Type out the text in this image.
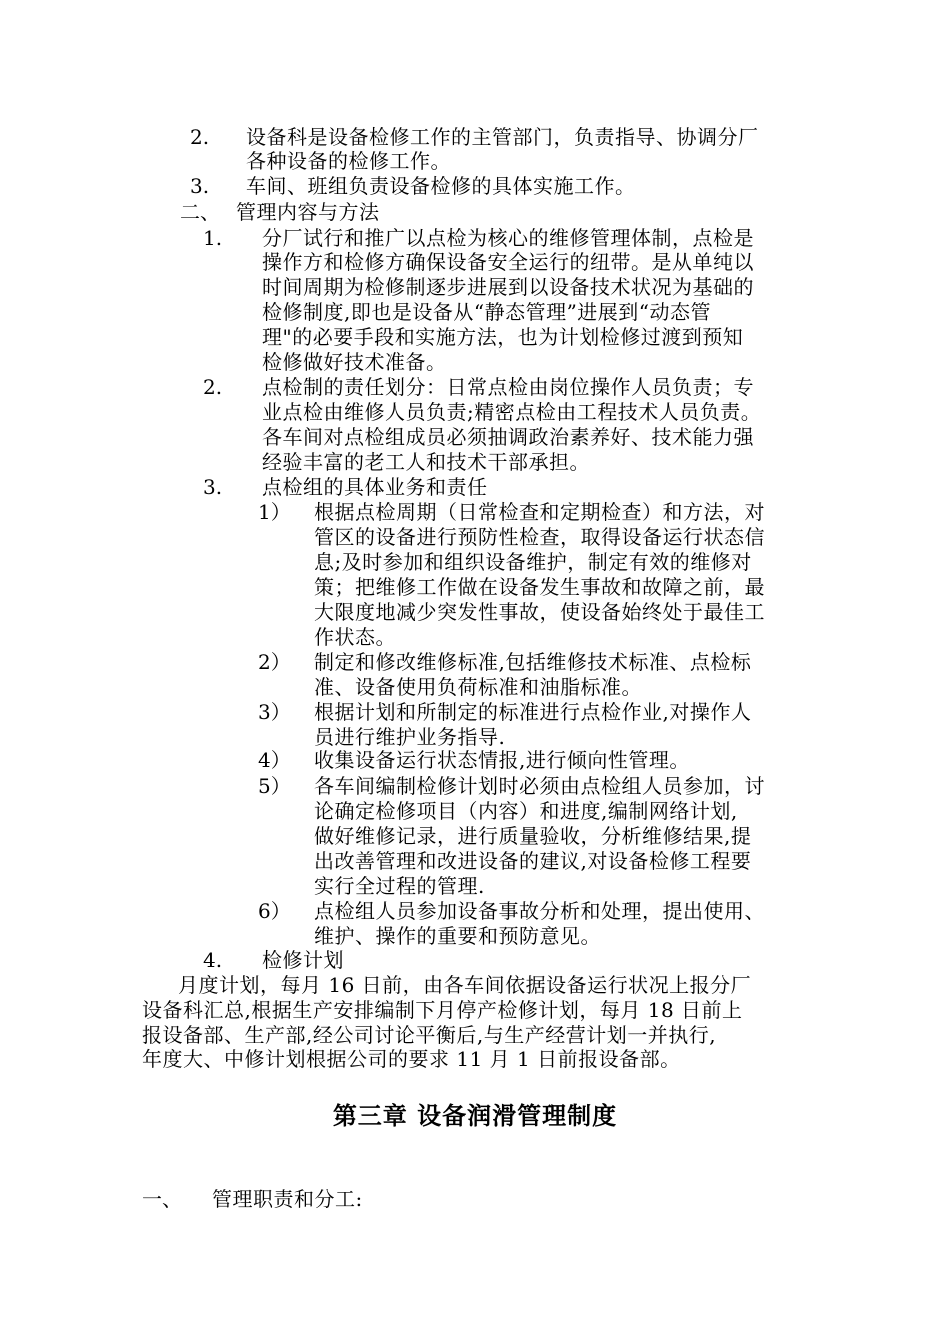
2. 设备科是设备检修工作的主管部门，负责指导、协调分厂
各种设备的检修工作。
3. 车间、班组负责设备检修的具体实施工作。
二、 管理内容与方法
1. 分厂试行和推广以点检为核心的维修管理体制，点检是
操作方和检修方确保设备安全运行的纽带。是从单纯以
时间周期为检修制逐步进展到以设备技术状况为基础的
检修制度,即也是设备从“静态管理”进展到“动态管
理"的必要手段和实施方法，也为计划检修过渡到预知
检修做好技术准备。
2. 点检制的责任划分：日常点检由岗位操作人员负责；专
业点检由维修人员负责;精密点检由工程技术人员负责。
各车间对点检组成员必须抽调政治素养好、技术能力强
经验丰富的老工人和技术干部承担。
3. 点检组的具体业务和责任
1） 根据点检周期（日常检查和定期检查）和方法，对
管区的设备进行预防性检查，取得设备运行状态信
息;及时参加和组织设备维护，制定有效的维修对
策；把维修工作做在设备发生事故和故障之前，最
大限度地减少突发性事故，使设备始终处于最佳工
作状态。
2） 制定和修改维修标准,包括维修技术标准、点检标
准、设备使用负荷标准和油脂标准。
3） 根据计划和所制定的标准进行点检作业,对操作人
员进行维护业务指导.
4） 收集设备运行状态情报,进行倾向性管理。
5） 各车间编制检修计划时必须由点检组人员参加，讨
论确定检修项目（内容）和进度,编制网络计划,
做好维修记录，进行质量验收，分析维修结果,提
出改善管理和改进设备的建议,对设备检修工程要
实行全过程的管理.
6） 点检组人员参加设备事故分析和处理，提出使用、
维护、操作的重要和预防意见。
4. 检修计划
月度计划，每月 16 日前，由各车间依据设备运行状况上报分厂
设备科汇总,根据生产安排编制下月停产检修计划，每月 18 日前上
报设备部、生产部,经公司讨论平衡后,与生产经营计划一并执行,
年度大、中修计划根据公司的要求 11 月 1 日前报设备部。
第三章 设备润滑管理制度
一、 管理职责和分工:
